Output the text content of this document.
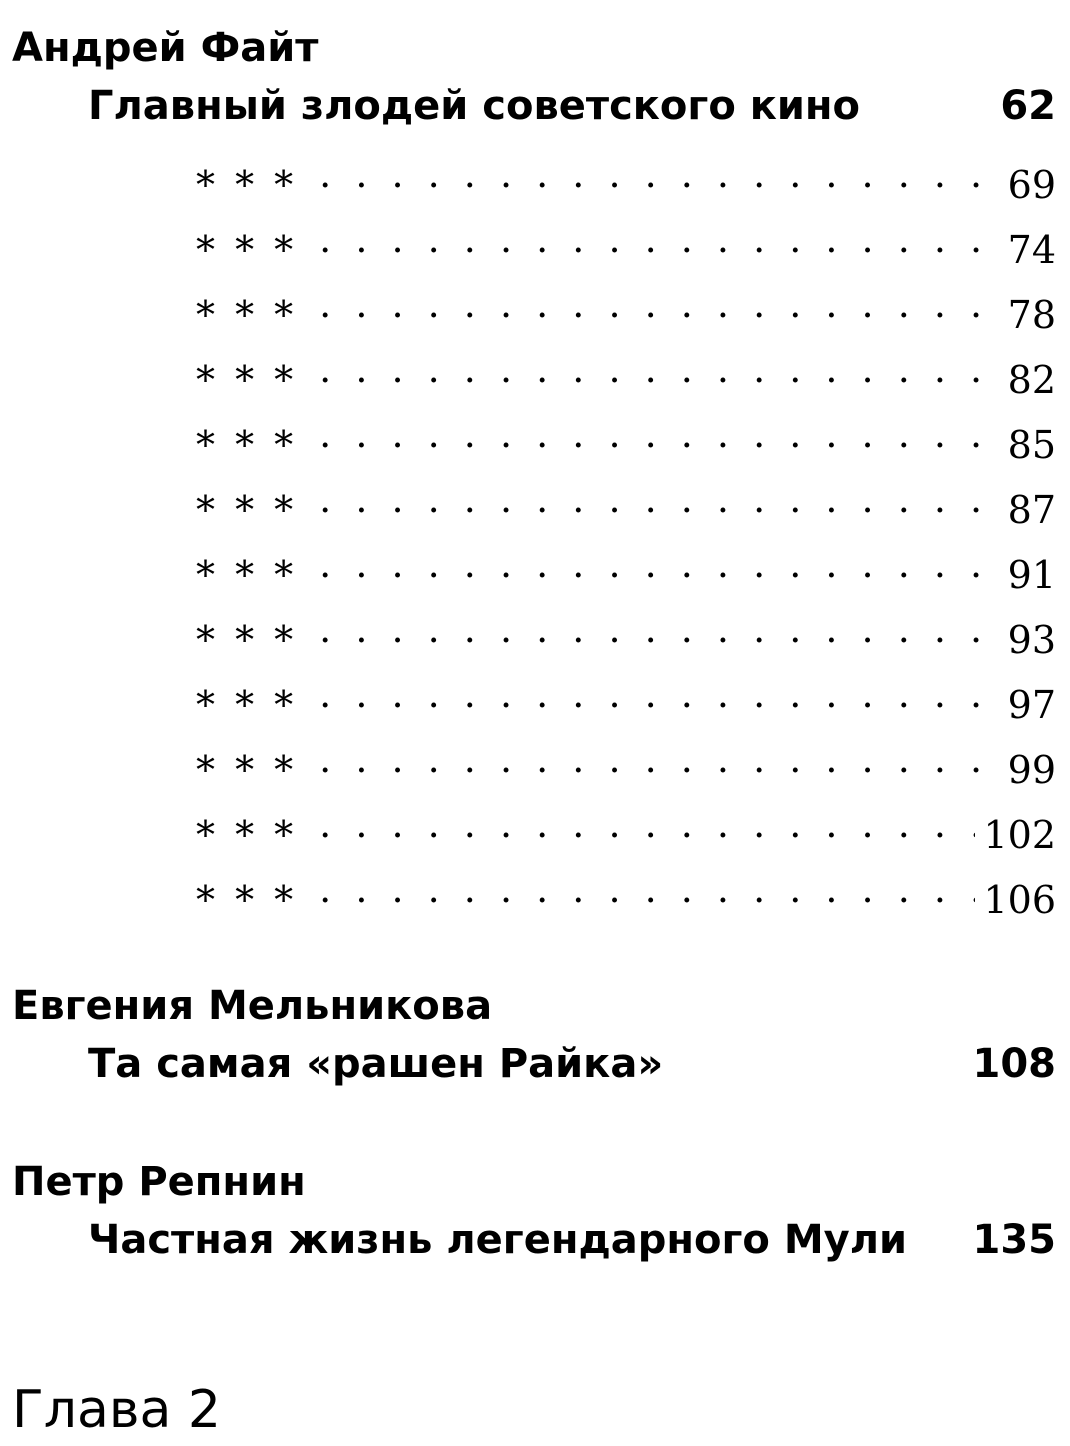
Андрей Файт
Главный злодей советского кино	62
* * * . . .	69
* * * . . .	74
* * * . . .	78
* * * . . .	82
* * * . . .	85
* * * . . .	87
* * * . . .	91
* * * . . .	93
* * * . . .	97
* * * . . .	99
* * * . . .	102
* * * . . .	106
Евгения Мельникова
Та самая «рашен Райка»	108
Петр Репнин
Частная жизнь легендарного Мули 135
Глава 2
